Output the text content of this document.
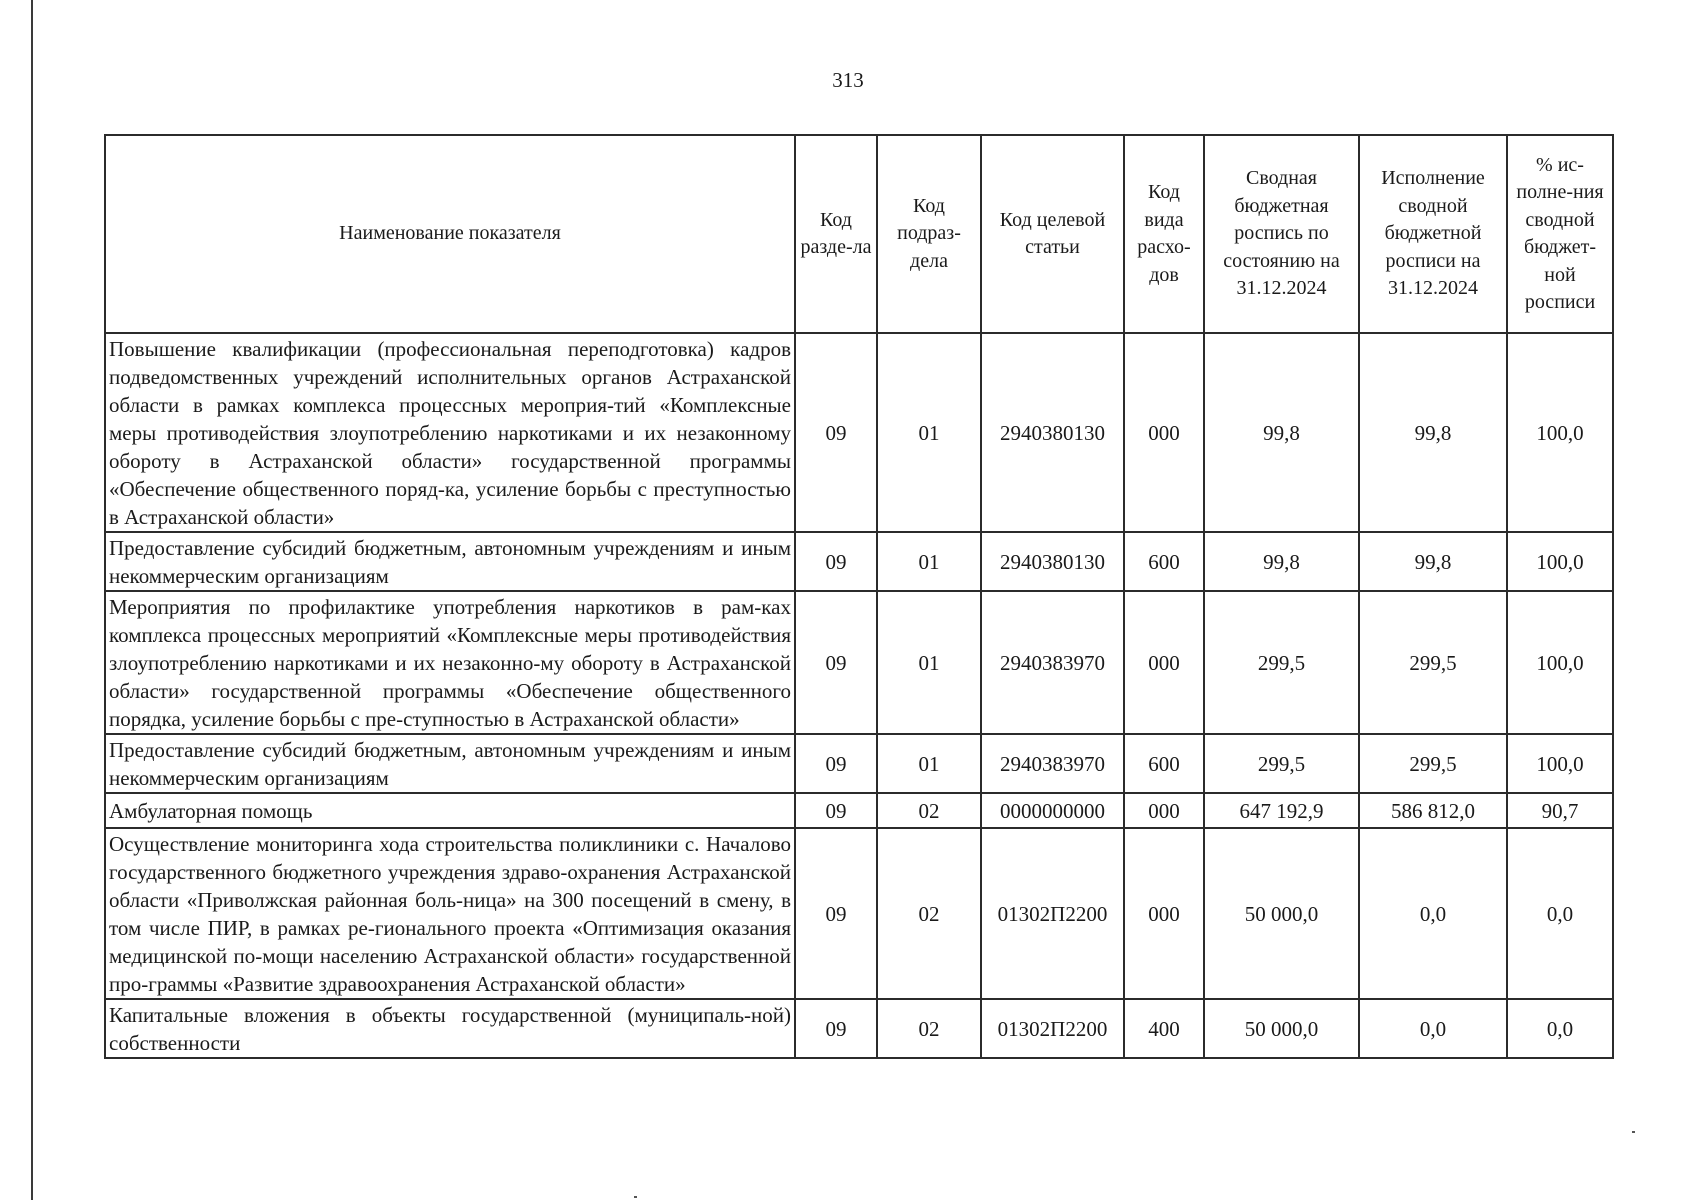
313
Наименование показателя	Код разде-ла	Код подраз-дела	Код целевой статьи	Код вида расхо-дов	Сводная бюджетная роспись по состоянию на 31.12.2024	Исполнение сводной бюджетной росписи на 31.12.2024	% ис-полне-ния сводной бюджет-ной росписи
Повышение квалификации (профессиональная переподготовка) кадров подведомственных учреждений исполнительных органов Астраханской области в рамках комплекса процессных мероприя-тий «Комплексные меры противодействия злоупотреблению наркотиками и их незаконному обороту в Астраханской области» государственной программы «Обеспечение общественного поряд-ка, усиление борьбы с преступностью в Астраханской области»	09	01	2940380130	000	99,8	99,8	100,0
Предоставление субсидий бюджетным, автономным учреждениям и иным некоммерческим организациям	09	01	2940380130	600	99,8	99,8	100,0
Мероприятия по профилактике употребления наркотиков в рам-ках комплекса процессных мероприятий «Комплексные меры противодействия злоупотреблению наркотиками и их незаконно-му обороту в Астраханской области» государственной программы «Обеспечение общественного порядка, усиление борьбы с пре-ступностью в Астраханской области»	09	01	2940383970	000	299,5	299,5	100,0
Предоставление субсидий бюджетным, автономным учреждениям и иным некоммерческим организациям	09	01	2940383970	600	299,5	299,5	100,0
Амбулаторная помощь	09	02	0000000000	000	647 192,9	586 812,0	90,7
Осуществление мониторинга хода строительства поликлиники с. Началово государственного бюджетного учреждения здраво-охранения Астраханской области «Приволжская районная боль-ница» на 300 посещений в смену, в том числе ПИР, в рамках ре-гионального проекта «Оптимизация оказания медицинской по-мощи населению Астраханской области» государственной про-граммы «Развитие здравоохранения Астраханской области»	09	02	01302П2200	000	50 000,0	0,0	0,0
Капитальные вложения в объекты государственной (муниципаль-ной) собственности	09	02	01302П2200	400	50 000,0	0,0	0,0
